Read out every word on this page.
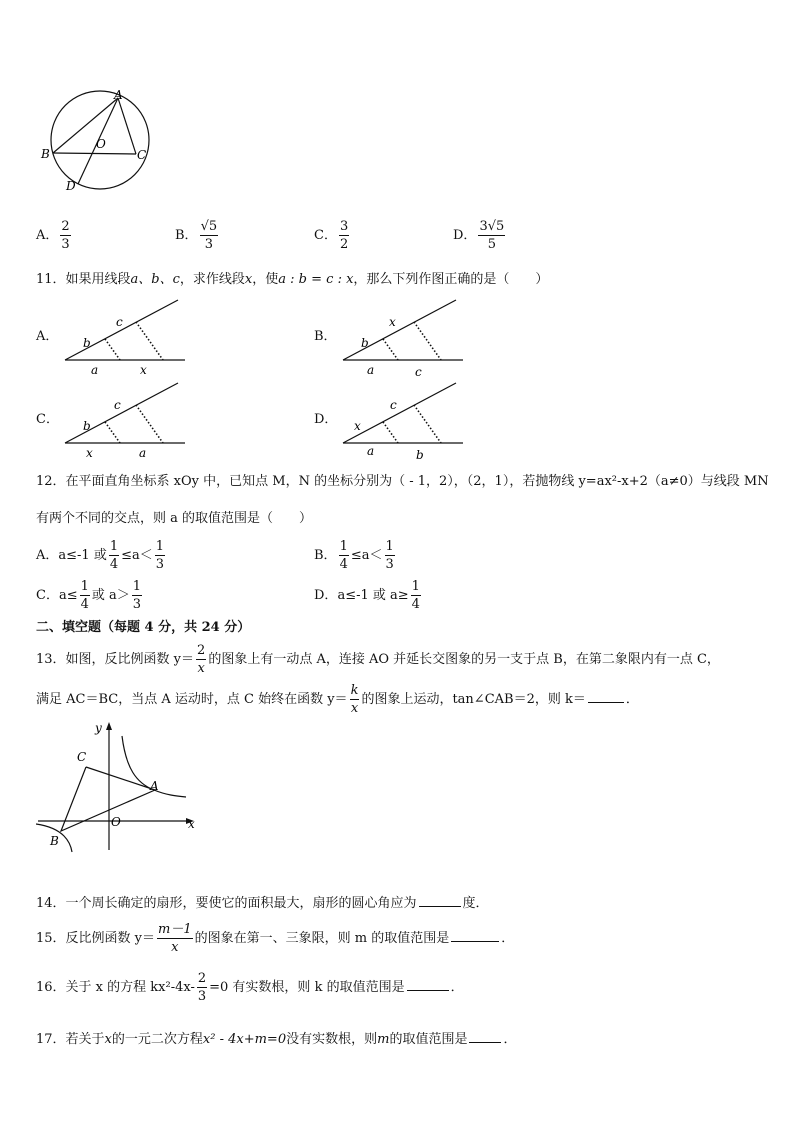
A
B	C
D
O
A． $\frac{2}{3}$	B． $\frac{√5}{3}$	C． $\frac{3}{2}$	D． $\frac{3√5}{5}$
11．如果用线段a、b、c，求作线段x，使a : b = c : x，那么下列作图正确的是（　　）
A． b
c
a	x
B． b
x
a	c
C． b
c
x	a
D． x
c
a	b
12．在平面直角坐标系 xOy 中，已知点 M，N 的坐标分别为（ - 1，2），（2，1），若抛物线 y=ax²-x+2（a≠0）与线段 MN
有两个不同的交点，则 a 的取值范围是（　　）
A．a≤-1 或 $\frac{1}{4} \le a< \frac{1}{3}$	B． $\frac{1}{4} \le a< \frac{1}{3}$
C．$a\le \frac{1}{4}$ 或 $a> \frac{1}{3}$	D．a≤-1 或 $a\ge \frac{1}{4}$
二、填空题（每题 4 分，共 24 分）
13．如图，反比例函数 $y= \frac{2}{x}$ 的图象上有一动点 A，连接 AO 并延长交图象的另一支于点 B，在第二象限内有一点 C，
满足 AC＝BC，当点 A 运动时，点 C 始终在函数 $y= \frac{k}{x}$ 的图象上运动，tan∠CAB＝2，则 k＝	．
y
C
A
O	x
B
14．一个周长确定的扇形，要使它的面积最大，扇形的圆心角应为	度．
15．反比例函数 $y= \frac{m-1}{x}$ 的图象在第一、三象限，则 m 的取值范围是	．
16．关于 x 的方程 $kx^2-4x- \frac{2}{3} =0$ 有实数根，则 k 的取值范围是	．
17．若关于x的一元二次方程x² - 4x+m=0没有实数根，则m的取值范围是	．
